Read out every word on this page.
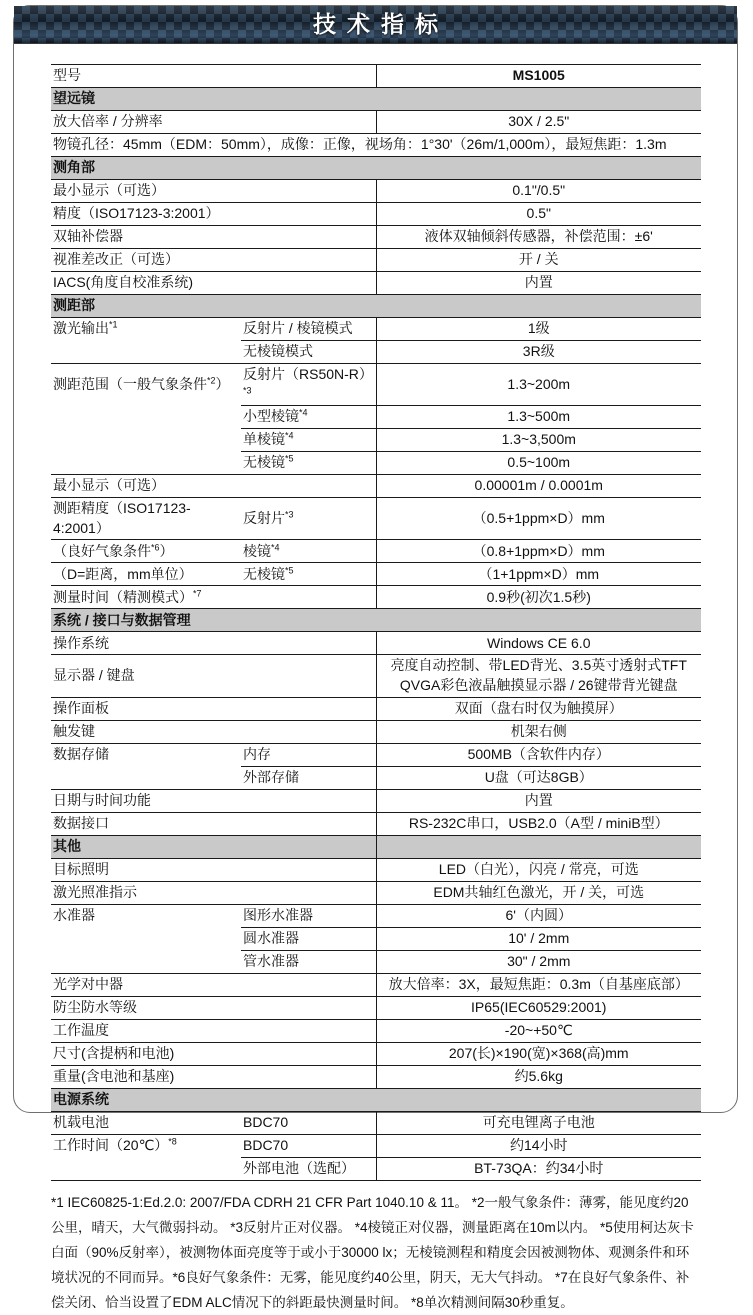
技术指标
型号		MS1005
望远镜		
放大倍率 / 分辨率		30X / 2.5"
物镜孔径：45mm（EDM：50mm），成像：正像，视场角：1°30'（26m/1,000m），最短焦距：1.3m		
测角部		
最小显示（可选）		0.1"/0.5"
精度（ISO17123-3:2001）		0.5"
双轴补偿器		液体双轴倾斜传感器，补偿范围：±6'
视准差改正（可选）		开 / 关
IACS(角度自校准系统)		内置
测距部		
激光输出$^{*1}$	反射片 / 棱镜模式	1级
	无棱镜模式	3R级
测距范围（一般气象条件$^{*2}$）	反射片$(RS50N-R)^{*3}$	1.3~200m
	小型棱镜$^{*4}$	1.3~500m
	单棱镜$^{*4}$	1.3~3,500m
	无棱镜$^{*5}$	0.5~100m
最小显示（可选）		0.00001m / 0.0001m
测距精度（ISO17123-4:2001）	反射片$^{*3}$	（0.5+1ppm×D）mm
（良好气象条件$^{*6}$）	棱镜$^{*4}$	（0.8+1ppm×D）mm
（D=距离，mm单位）	无棱镜$^{*5}$	（1+1ppm×D）mm
测量时间（精测模式）$^{*7}$		0.9秒(初次1.5秒)
系统 / 接口与数据管理		
操作系统		Windows CE 6.0
显示器 / 键盘		亮度自动控制、带LED背光、3.5英寸透射式TFT QVGA彩色液晶触摸显示器 / 26键带背光键盘
操作面板		双面（盘右时仅为触摸屏）
触发键		机架右侧
数据存储	内存	500MB（含软件内存）
	外部存储	U盘（可达8GB）
日期与时间功能		内置
数据接口		RS-232C串口，USB2.0（A型 / miniB型）
其他		
目标照明		LED（白光），闪亮 / 常亮，可选
激光照准指示		EDM共轴红色激光，开 / 关，可选
水准器	图形水准器	6'（内圆）
	圆水准器	10' / 2mm
	管水准器	30" / 2mm
光学对中器		放大倍率：3X，最短焦距：0.3m（自基座底部）
防尘防水等级		IP65(IEC60529:2001)
工作温度		-20~+50℃
尺寸(含提柄和电池)		207(长)×190(宽)×368(高)mm
重量(含电池和基座)		约5.6kg
电源系统		
机载电池	BDC70	可充电锂离子电池
工作时间（20℃）$^{*8}$	BDC70	约14小时
	外部电池（选配）	BT-73QA：约34小时

*1 IEC60825-1:Ed.2.0: 2007/FDA CDRH 21 CFR Part 1040.10 & 11。 *2一般气象条件：薄雾，能见度约20公里，晴天，大气微弱抖动。 *3反射片正对仪器。 *4棱镜正对仪器，测量距离在10m以内。 *5使用柯达灰卡白面（90%反射率），被测物体面亮度等于或小于30000 lx；无棱镜测程和精度会因被测物体、观测条件和环境状况的不同而异。*6良好气象条件：无雾，能见度约40公里，阴天，无大气抖动。 *7在良好气象条件、补偿关闭、恰当设置了EDM ALC情况下的斜距最快测量时间。 *8单次精测间隔30秒重复。
